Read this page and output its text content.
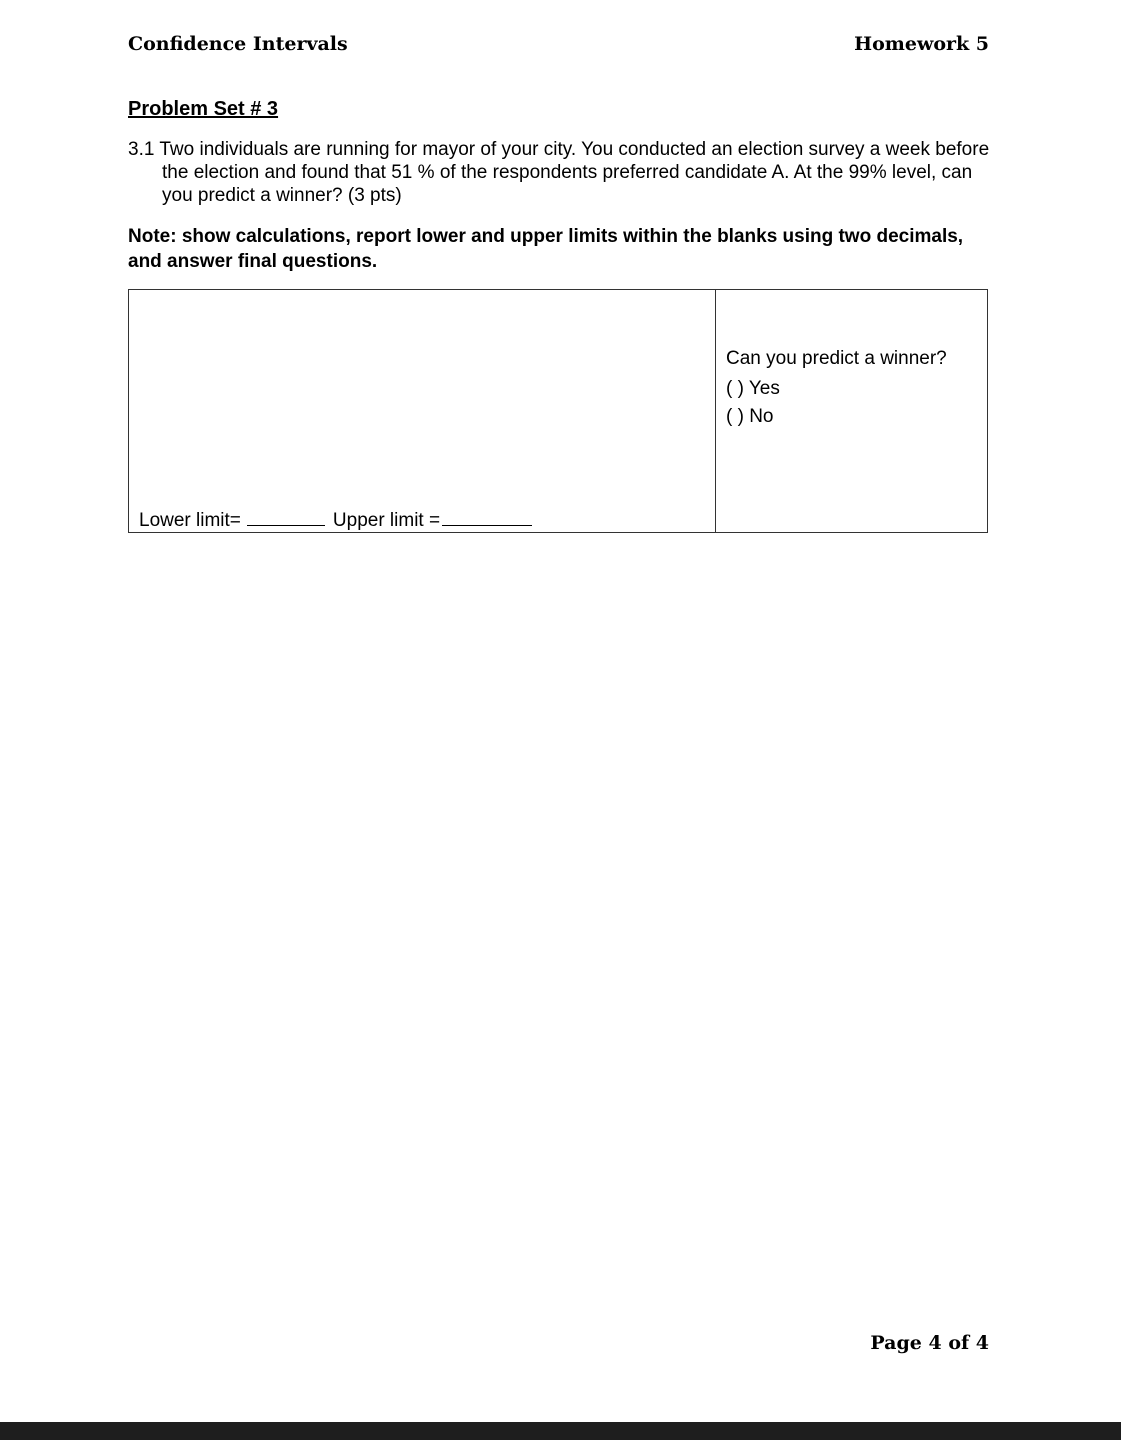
Confidence Intervals	Homework 5
Problem Set # 3
3.1 Two individuals are running for mayor of your city. You conducted an election survey a week before the election and found that 51 % of the respondents preferred candidate A. At the 99% level, can you predict a winner? (3 pts)
Note: show calculations, report lower and upper limits within the blanks using two decimals, and answer final questions.
Lower limit=	Upper limit =
Can you predict a winner?
( ) Yes
( ) No
Page 4 of 4
